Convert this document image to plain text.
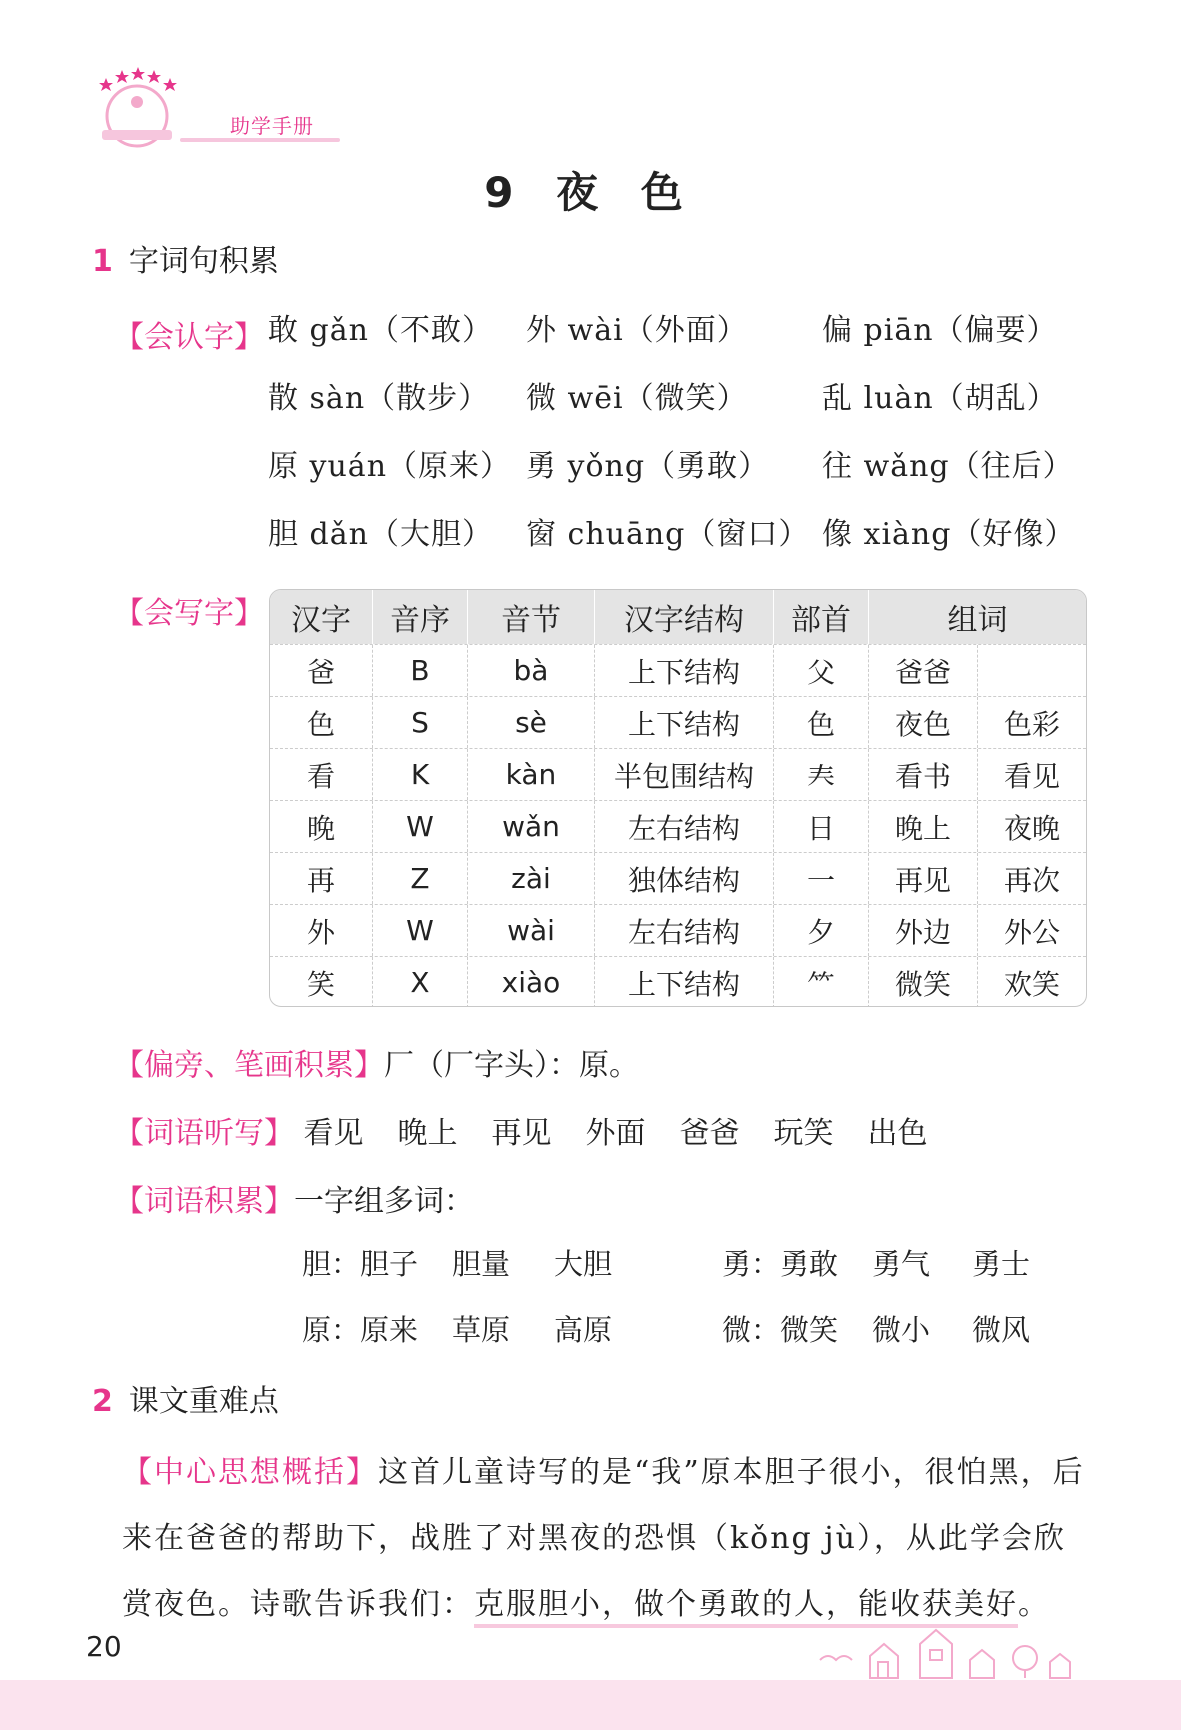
助学手册
9 夜 色
1 字词句积累
【会认字】 敢 gǎn（不敢） 外 wài（外面） 偏 piān（偏要）
散 sàn（散步） 微 wēi（微笑） 乱 luàn（胡乱）
原 yuán（原来） 勇 yǒng（勇敢） 往 wǎng（往后）
胆 dǎn（大胆） 窗 chuāng（窗口） 像 xiàng（好像）
【会写字】 汉字	音序	音节	汉字结构	部首	组词
爸	B	bà	上下结构	父	爸爸
色	S	sè	上下结构	色	夜色	色彩
看	K	kàn	半包围结构	𡗗	看书	看见
晚	W	wǎn	左右结构	日	晚上	夜晚
再	Z	zài	独体结构	一	再见	再次
外	W	wài	左右结构	夕	外边	外公
笑	X	xiào	上下结构	⺮	微笑	欢笑
【偏旁、笔画积累】厂（厂字头）：原。
【词语听写】 看见 晚上 再见 外面 爸爸 玩笑 出色
【词语积累】一字组多词：
胆：胆子 胆量 大胆	勇：勇敢 勇气 勇士
原：原来 草原 高原	微：微笑 微小 微风
2 课文重难点
【中心思想概括】这首儿童诗写的是“我”原本胆子很小，很怕黑，后来在爸爸的帮助下，战胜了对黑夜的恐惧（kǒng jù），从此学会欣赏夜色。诗歌告诉我们：克服胆小，做个勇敢的人，能收获美好。
20
